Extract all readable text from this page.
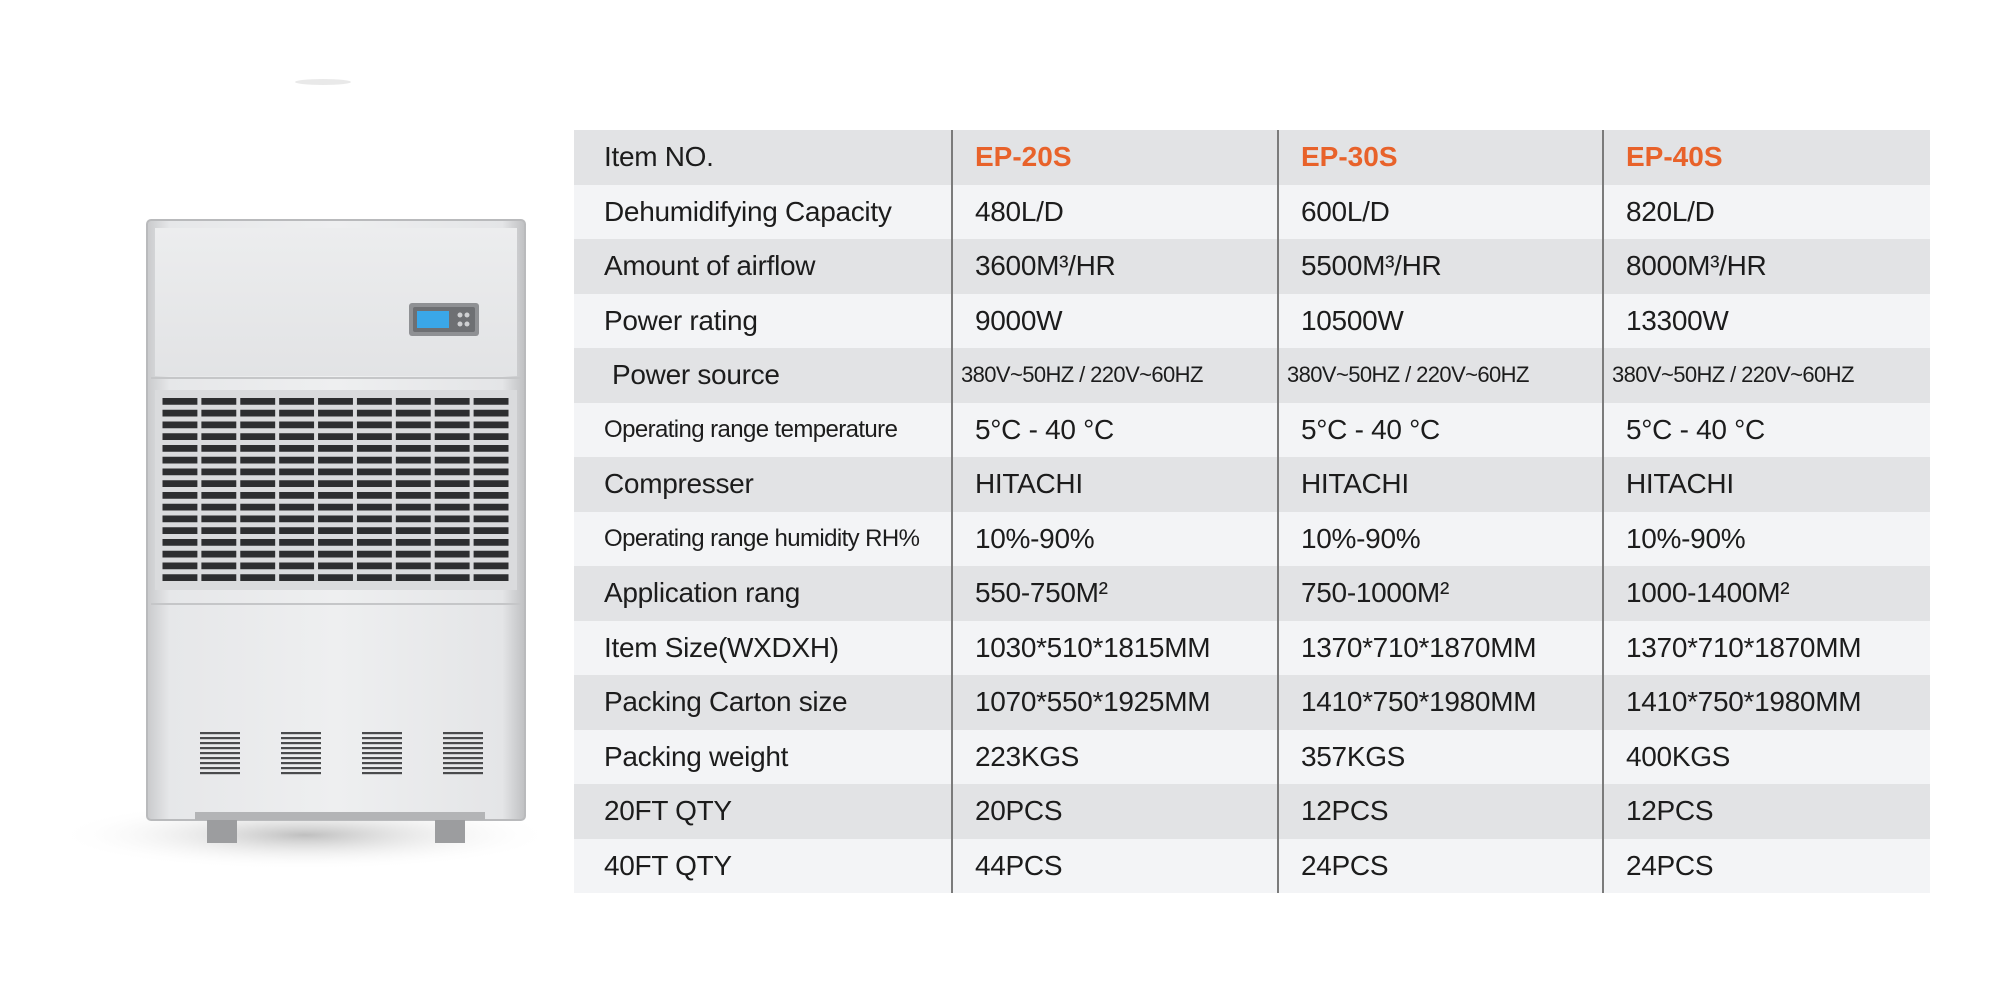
Item NO.	EP-20S	EP-30S	EP-40S
Dehumidifying Capacity	480L/D	600L/D	820L/D
Amount of airflow	3600M³/HR	5500M³/HR	8000M³/HR
Power rating	9000W	10500W	13300W
Power source	380V~50HZ / 220V~60HZ	380V~50HZ / 220V~60HZ	380V~50HZ / 220V~60HZ
Operating range temperature	5°C - 40 °C	5°C - 40 °C	5°C - 40 °C
Compresser	HITACHI	HITACHI	HITACHI
Operating range humidity RH%	10%-90%	10%-90%	10%-90%
Application rang	550-750M²	750-1000M²	1000-1400M²
Item Size(WXDXH)	1030*510*1815MM	1370*710*1870MM	1370*710*1870MM
Packing Carton size	1070*550*1925MM	1410*750*1980MM	1410*750*1980MM
Packing weight	223KGS	357KGS	400KGS
20FT QTY	20PCS	12PCS	12PCS
40FT QTY	44PCS	24PCS	24PCS
